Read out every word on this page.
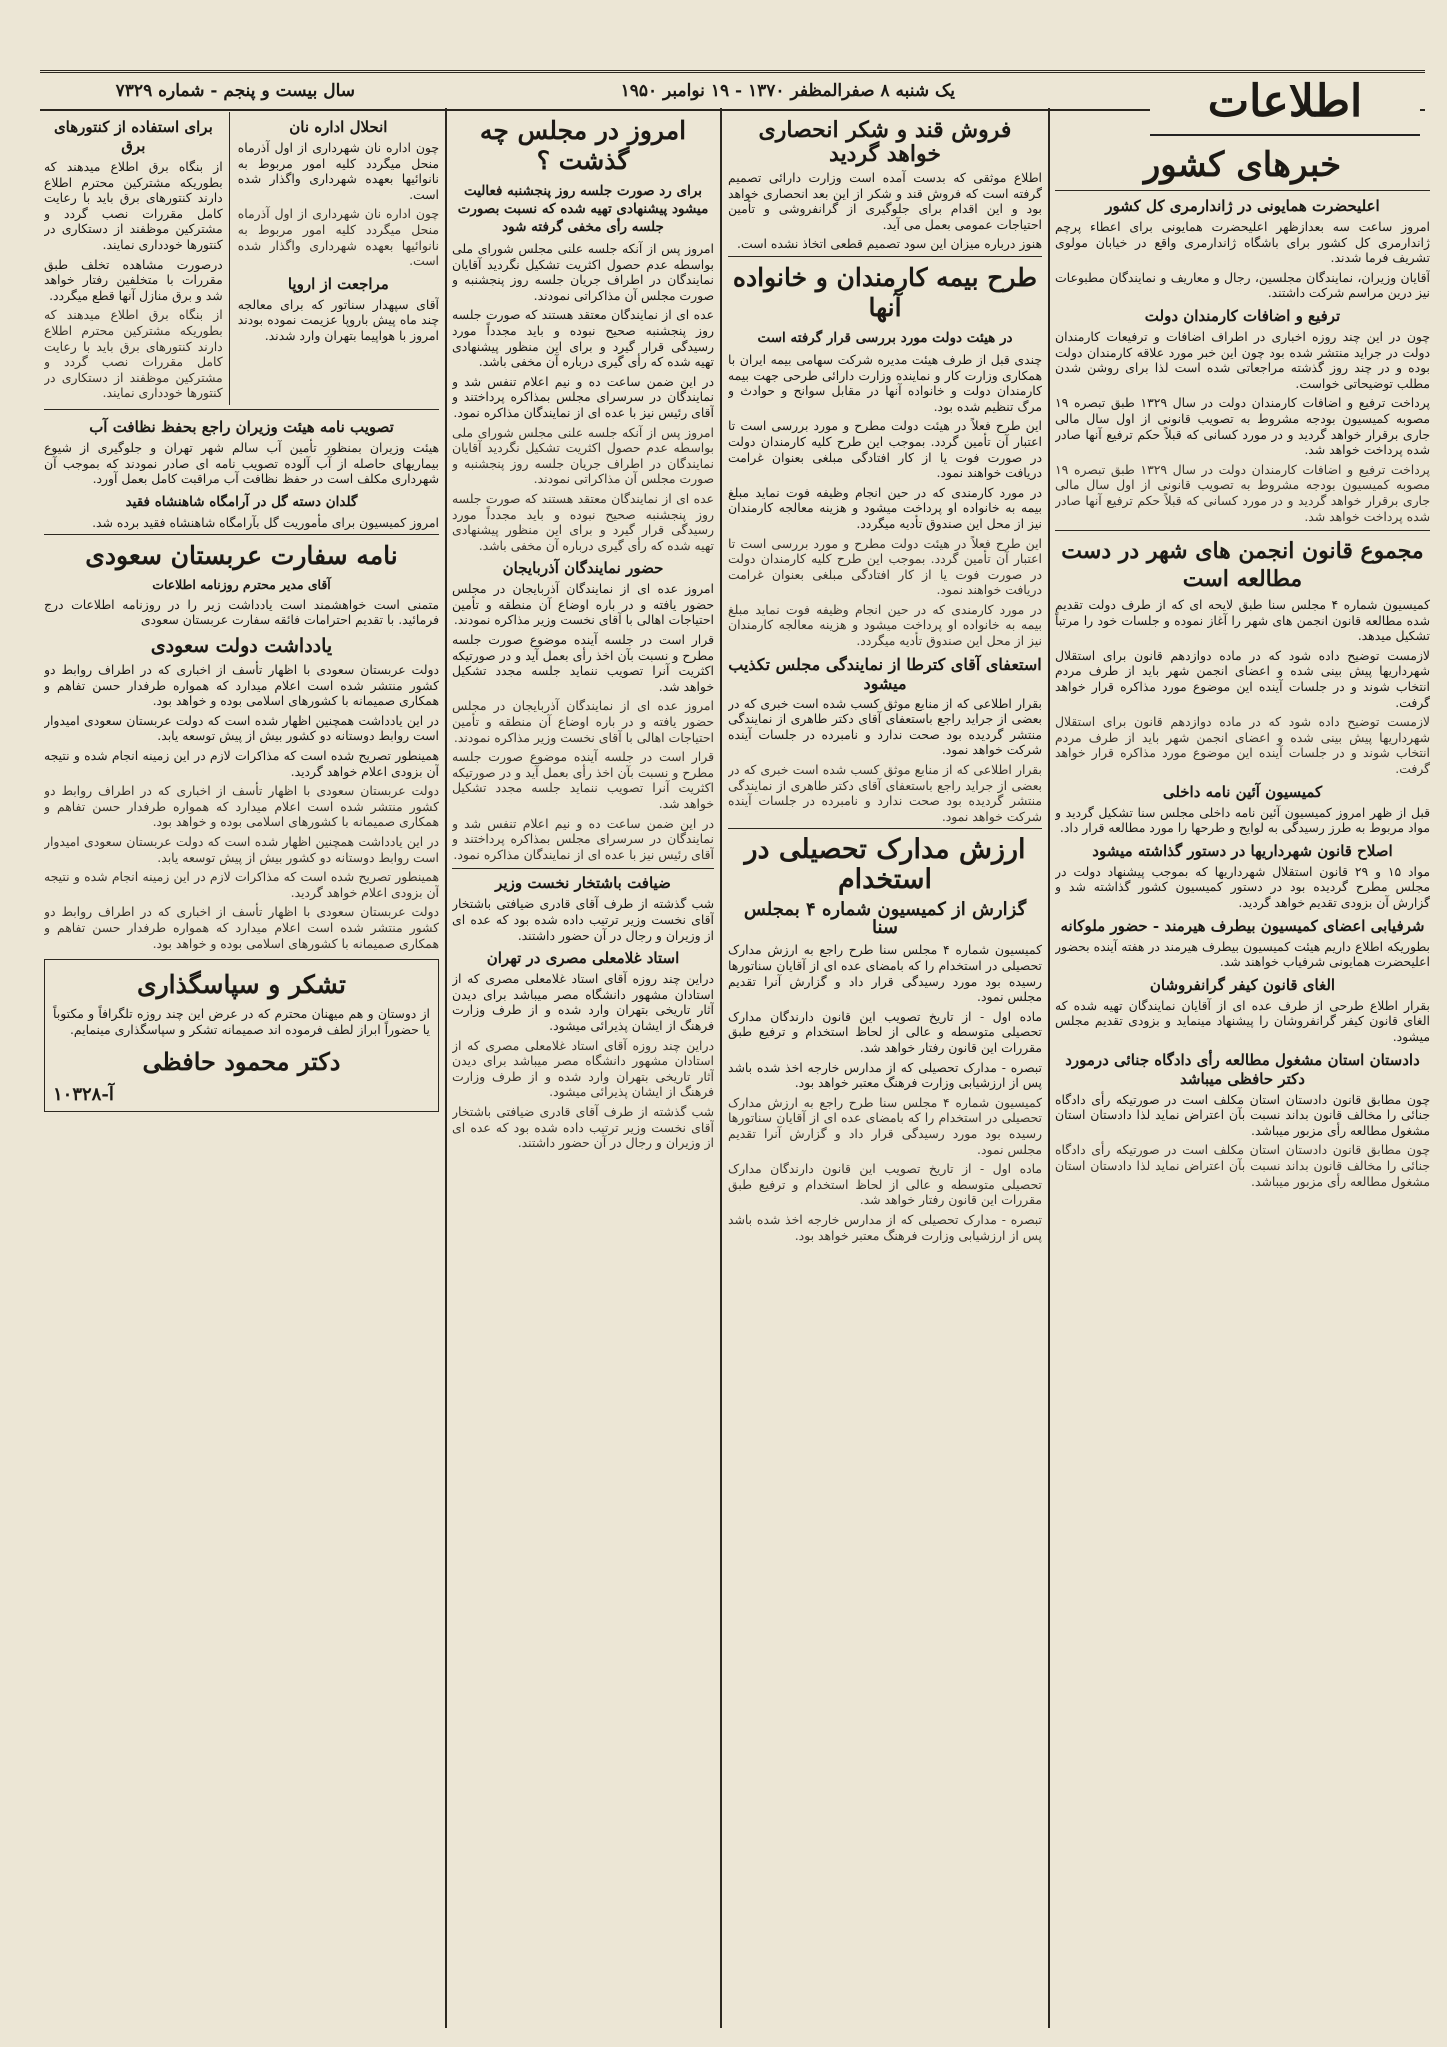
سال بیست و پنجم - شماره ۷۳۲۹	یک شنبه ۸ صفرالمظفر ۱۳۷۰ - ۱۹ نوامبر ۱۹۵۰	اطلاعات
خبرهای کشور
اعلیحضرت همایونی در ژاندارمری کل کشور

امروز ساعت سه بعدازظهر اعلیحضرت همایونی برای اعطاء پرچم ژاندارمری کل کشور برای باشگاه ژاندارمری واقع در خیابان مولوی تشریف فرما شدند.

آقایان وزیران، نمایندگان مجلسین، رجال و معاریف و نمایندگان مطبوعات نیز درین مراسم شرکت داشتند.

ترفیع و اضافات کارمندان دولت

چون در این چند روزه اخباری در اطراف اضافات و ترفیعات کارمندان دولت در جراید منتشر شده بود چون این خبر مورد علاقه کارمندان دولت بوده و در چند روز گذشته مراجعاتی شده است لذا برای روشن شدن مطلب توضیحاتی خواست.

پرداخت ترفیع و اضافات کارمندان دولت در سال ۱۳۲۹ طبق تبصره ۱۹ مصوبه کمیسیون بودجه مشروط به تصویب قانونی از اول سال مالی جاری برقرار خواهد گردید و در مورد کسانی که قبلاً حکم ترفیع آنها صادر شده پرداخت خواهد شد.

پرداخت ترفیع و اضافات کارمندان دولت در سال ۱۳۲۹ طبق تبصره ۱۹ مصوبه کمیسیون بودجه مشروط به تصویب قانونی از اول سال مالی جاری برقرار خواهد گردید و در مورد کسانی که قبلاً حکم ترفیع آنها صادر شده پرداخت خواهد شد.

مجموع قانون انجمن های شهر در دست مطالعه است

کمیسیون شماره ۴ مجلس سنا طبق لایحه ای که از طرف دولت تقدیم شده مطالعه قانون انجمن های شهر را آغاز نموده و جلسات خود را مرتباً تشکیل میدهد.

لازمست توضیح داده شود که در ماده دوازدهم قانون برای استقلال شهرداریها پیش بینی شده و اعضای انجمن شهر باید از طرف مردم انتخاب شوند و در جلسات آینده این موضوع مورد مذاکره قرار خواهد گرفت.

لازمست توضیح داده شود که در ماده دوازدهم قانون برای استقلال شهرداریها پیش بینی شده و اعضای انجمن شهر باید از طرف مردم انتخاب شوند و در جلسات آینده این موضوع مورد مذاکره قرار خواهد گرفت.

کمیسیون آئین نامه داخلی

قبل از ظهر امروز کمیسیون آئین نامه داخلی مجلس سنا تشکیل گردید و مواد مربوط به طرز رسیدگی به لوایح و طرحها را مورد مطالعه قرار داد.

اصلاح قانون شهرداریها در دستور گذاشته میشود

مواد ۱۵ و ۲۹ قانون استقلال شهرداریها که بموجب پیشنهاد دولت در مجلس مطرح گردیده بود در دستور کمیسیون کشور گذاشته شد و گزارش آن بزودی تقدیم خواهد گردید.

شرفیابی اعضای کمیسیون بیطرف هیرمند - حضور ملوکانه

بطوریکه اطلاع داریم هیئت کمیسیون بیطرف هیرمند در هفته آینده بحضور اعلیحضرت همایونی شرفیاب خواهند شد.

الغای قانون کیفر گرانفروشان

بقرار اطلاع طرحی از طرف عده ای از آقایان نمایندگان تهیه شده که الغای قانون کیفر گرانفروشان را پیشنهاد مینماید و بزودی تقدیم مجلس میشود.

دادستان استان مشغول مطالعه رأی دادگاه جنائی درمورد دکتر حافظی میباشد

چون مطابق قانون دادستان استان مکلف است در صورتیکه رأی دادگاه جنائی را مخالف قانون بداند نسبت بآن اعتراض نماید لذا دادستان استان مشغول مطالعه رأی مزبور میباشد.

چون مطابق قانون دادستان استان مکلف است در صورتیکه رأی دادگاه جنائی را مخالف قانون بداند نسبت بآن اعتراض نماید لذا دادستان استان مشغول مطالعه رأی مزبور میباشد.

فروش قند و شکر انحصاری خواهد گردید

اطلاع موثقی که بدست آمده است وزارت دارائی تصمیم گرفته است که فروش قند و شکر از این بعد انحصاری خواهد بود و این اقدام برای جلوگیری از گرانفروشی و تأمین احتیاجات عمومی بعمل می آید.

هنوز درباره میزان این سود تصمیم قطعی اتخاذ نشده است.

طرح بیمه کارمندان و خانواده آنها
در هیئت دولت مورد بررسی قرار گرفته است

چندی قبل از طرف هیئت مدیره شرکت سهامی بیمه ایران با همکاری وزارت کار و نماینده وزارت دارائی طرحی جهت بیمه کارمندان دولت و خانواده آنها در مقابل سوانح و حوادث و مرگ تنظیم شده بود.

این طرح فعلاً در هیئت دولت مطرح و مورد بررسی است تا اعتبار آن تأمین گردد. بموجب این طرح کلیه کارمندان دولت در صورت فوت یا از کار افتادگی مبلغی بعنوان غرامت دریافت خواهند نمود.

در مورد کارمندی که در حین انجام وظیفه فوت نماید مبلغ بیمه به خانواده او پرداخت میشود و هزینه معالجه کارمندان نیز از محل این صندوق تأدیه میگردد.

این طرح فعلاً در هیئت دولت مطرح و مورد بررسی است تا اعتبار آن تأمین گردد. بموجب این طرح کلیه کارمندان دولت در صورت فوت یا از کار افتادگی مبلغی بعنوان غرامت دریافت خواهند نمود.

در مورد کارمندی که در حین انجام وظیفه فوت نماید مبلغ بیمه به خانواده او پرداخت میشود و هزینه معالجه کارمندان نیز از محل این صندوق تأدیه میگردد.

استعفای آقای کترطا از نمایندگی مجلس تکذیب میشود

بقرار اطلاعی که از منابع موثق کسب شده است خبری که در بعضی از جراید راجع باستعفای آقای دکتر طاهری از نمایندگی منتشر گردیده بود صحت ندارد و نامبرده در جلسات آینده شرکت خواهد نمود.

بقرار اطلاعی که از منابع موثق کسب شده است خبری که در بعضی از جراید راجع باستعفای آقای دکتر طاهری از نمایندگی منتشر گردیده بود صحت ندارد و نامبرده در جلسات آینده شرکت خواهد نمود.

ارزش مدارک تحصیلی در استخدام
گزارش از کمیسیون شماره ۴ بمجلس سنا

کمیسیون شماره ۴ مجلس سنا طرح راجع به ارزش مدارک تحصیلی در استخدام را که بامضای عده ای از آقایان سناتورها رسیده بود مورد رسیدگی قرار داد و گزارش آنرا تقدیم مجلس نمود.

ماده اول - از تاریخ تصویب این قانون دارندگان مدارک تحصیلی متوسطه و عالی از لحاظ استخدام و ترفیع طبق مقررات این قانون رفتار خواهد شد.

تبصره - مدارک تحصیلی که از مدارس خارجه اخذ شده باشد پس از ارزشیابی وزارت فرهنگ معتبر خواهد بود.

کمیسیون شماره ۴ مجلس سنا طرح راجع به ارزش مدارک تحصیلی در استخدام را که بامضای عده ای از آقایان سناتورها رسیده بود مورد رسیدگی قرار داد و گزارش آنرا تقدیم مجلس نمود.

ماده اول - از تاریخ تصویب این قانون دارندگان مدارک تحصیلی متوسطه و عالی از لحاظ استخدام و ترفیع طبق مقررات این قانون رفتار خواهد شد.

تبصره - مدارک تحصیلی که از مدارس خارجه اخذ شده باشد پس از ارزشیابی وزارت فرهنگ معتبر خواهد بود.

امروز در مجلس چه گذشت ؟
برای رد صورت جلسه روز پنجشنبه فعالیت میشود پیشنهادی تهیه شده که نسبت بصورت جلسه رأی مخفی گرفته شود

امروز پس از آنکه جلسه علنی مجلس شورای ملی بواسطه عدم حصول اکثریت تشکیل نگردید آقایان نمایندگان در اطراف جریان جلسه روز پنجشنبه و صورت مجلس آن مذاکراتی نمودند.

عده ای از نمایندگان معتقد هستند که صورت جلسه روز پنجشنبه صحیح نبوده و باید مجدداً مورد رسیدگی قرار گیرد و برای این منظور پیشنهادی تهیه شده که رأی گیری درباره آن مخفی باشد.

در این ضمن ساعت ده و نیم اعلام تنفس شد و نمایندگان در سرسرای مجلس بمذاکره پرداختند و آقای رئیس نیز با عده ای از نمایندگان مذاکره نمود.

امروز پس از آنکه جلسه علنی مجلس شورای ملی بواسطه عدم حصول اکثریت تشکیل نگردید آقایان نمایندگان در اطراف جریان جلسه روز پنجشنبه و صورت مجلس آن مذاکراتی نمودند.

عده ای از نمایندگان معتقد هستند که صورت جلسه روز پنجشنبه صحیح نبوده و باید مجدداً مورد رسیدگی قرار گیرد و برای این منظور پیشنهادی تهیه شده که رأی گیری درباره آن مخفی باشد.

حضور نمایندگان آذربایجان

امروز عده ای از نمایندگان آذربایجان در مجلس حضور یافته و در باره اوضاع آن منطقه و تأمین احتیاجات اهالی با آقای نخست وزیر مذاکره نمودند.

قرار است در جلسه آینده موضوع صورت جلسه مطرح و نسبت بآن اخذ رأی بعمل آید و در صورتیکه اکثریت آنرا تصویب ننماید جلسه مجدد تشکیل خواهد شد.

امروز عده ای از نمایندگان آذربایجان در مجلس حضور یافته و در باره اوضاع آن منطقه و تأمین احتیاجات اهالی با آقای نخست وزیر مذاکره نمودند.

قرار است در جلسه آینده موضوع صورت جلسه مطرح و نسبت بآن اخذ رأی بعمل آید و در صورتیکه اکثریت آنرا تصویب ننماید جلسه مجدد تشکیل خواهد شد.

در این ضمن ساعت ده و نیم اعلام تنفس شد و نمایندگان در سرسرای مجلس بمذاکره پرداختند و آقای رئیس نیز با عده ای از نمایندگان مذاکره نمود.

ضیافت باشتخار نخست وزیر

شب گذشته از طرف آقای قادری ضیافتی باشتخار آقای نخست وزیر ترتیب داده شده بود که عده ای از وزیران و رجال در آن حضور داشتند.

استاد غلامعلی مصری در تهران

دراین چند روزه آقای استاد غلامعلی مصری که از استادان مشهور دانشگاه مصر میباشد برای دیدن آثار تاریخی بتهران وارد شده و از طرف وزارت فرهنگ از ایشان پذیرائی میشود.

دراین چند روزه آقای استاد غلامعلی مصری که از استادان مشهور دانشگاه مصر میباشد برای دیدن آثار تاریخی بتهران وارد شده و از طرف وزارت فرهنگ از ایشان پذیرائی میشود.

شب گذشته از طرف آقای قادری ضیافتی باشتخار آقای نخست وزیر ترتیب داده شده بود که عده ای از وزیران و رجال در آن حضور داشتند.

انحلال اداره نان

چون اداره نان شهرداری از اول آذرماه منحل میگردد کلیه امور مربوط به نانوائیها بعهده شهرداری واگذار شده است.

چون اداره نان شهرداری از اول آذرماه منحل میگردد کلیه امور مربوط به نانوائیها بعهده شهرداری واگذار شده است.

مراجعت از اروپا

آقای سپهدار سناتور که برای معالجه چند ماه پیش باروپا عزیمت نموده بودند امروز با هواپیما بتهران وارد شدند.

برای استفاده از کنتورهای برق

از بنگاه برق اطلاع میدهند که بطوریکه مشترکین محترم اطلاع دارند کنتورهای برق باید با رعایت کامل مقررات نصب گردد و مشترکین موظفند از دستکاری در کنتورها خودداری نمایند.

درصورت مشاهده تخلف طبق مقررات با متخلفین رفتار خواهد شد و برق منازل آنها قطع میگردد.

از بنگاه برق اطلاع میدهند که بطوریکه مشترکین محترم اطلاع دارند کنتورهای برق باید با رعایت کامل مقررات نصب گردد و مشترکین موظفند از دستکاری در کنتورها خودداری نمایند.

تصویب نامه هیئت وزیران راجع بحفظ نظافت آب

هیئت وزیران بمنظور تأمین آب سالم شهر تهران و جلوگیری از شیوع بیماریهای حاصله از آب آلوده تصویب نامه ای صادر نمودند که بموجب آن شهرداری مکلف است در حفظ نظافت آب مراقبت کامل بعمل آورد.

گلدان دسته گل در آرامگاه شاهنشاه فقید

امروز کمیسیون برای مأموریت گل بآرامگاه شاهنشاه فقید برده شد.

نامه سفارت عربستان سعودی

آقای مدیر محترم روزنامه اطلاعات

متمنی است خواهشمند است یادداشت زیر را در روزنامه اطلاعات درج فرمائید. با تقدیم احترامات فائقه سفارت عربستان سعودی

یادداشت دولت سعودی

دولت عربستان سعودی با اظهار تأسف از اخباری که در اطراف روابط دو کشور منتشر شده است اعلام میدارد که همواره طرفدار حسن تفاهم و همکاری صمیمانه با کشورهای اسلامی بوده و خواهد بود.

در این یادداشت همچنین اظهار شده است که دولت عربستان سعودی امیدوار است روابط دوستانه دو کشور بیش از پیش توسعه یابد.

همینطور تصریح شده است که مذاکرات لازم در این زمینه انجام شده و نتیجه آن بزودی اعلام خواهد گردید.

دولت عربستان سعودی با اظهار تأسف از اخباری که در اطراف روابط دو کشور منتشر شده است اعلام میدارد که همواره طرفدار حسن تفاهم و همکاری صمیمانه با کشورهای اسلامی بوده و خواهد بود.

در این یادداشت همچنین اظهار شده است که دولت عربستان سعودی امیدوار است روابط دوستانه دو کشور بیش از پیش توسعه یابد.

همینطور تصریح شده است که مذاکرات لازم در این زمینه انجام شده و نتیجه آن بزودی اعلام خواهد گردید.

دولت عربستان سعودی با اظهار تأسف از اخباری که در اطراف روابط دو کشور منتشر شده است اعلام میدارد که همواره طرفدار حسن تفاهم و همکاری صمیمانه با کشورهای اسلامی بوده و خواهد بود.

تشکر و سپاسگذاری

از دوستان و هم میهنان محترم که در عرض این چند روزه تلگرافاً و مکتوباً یا حضوراً ابراز لطف فرموده اند صمیمانه تشکر و سپاسگذاری مینمایم.

دکتر محمود حافظی
آ-۱۰۳۲۸
